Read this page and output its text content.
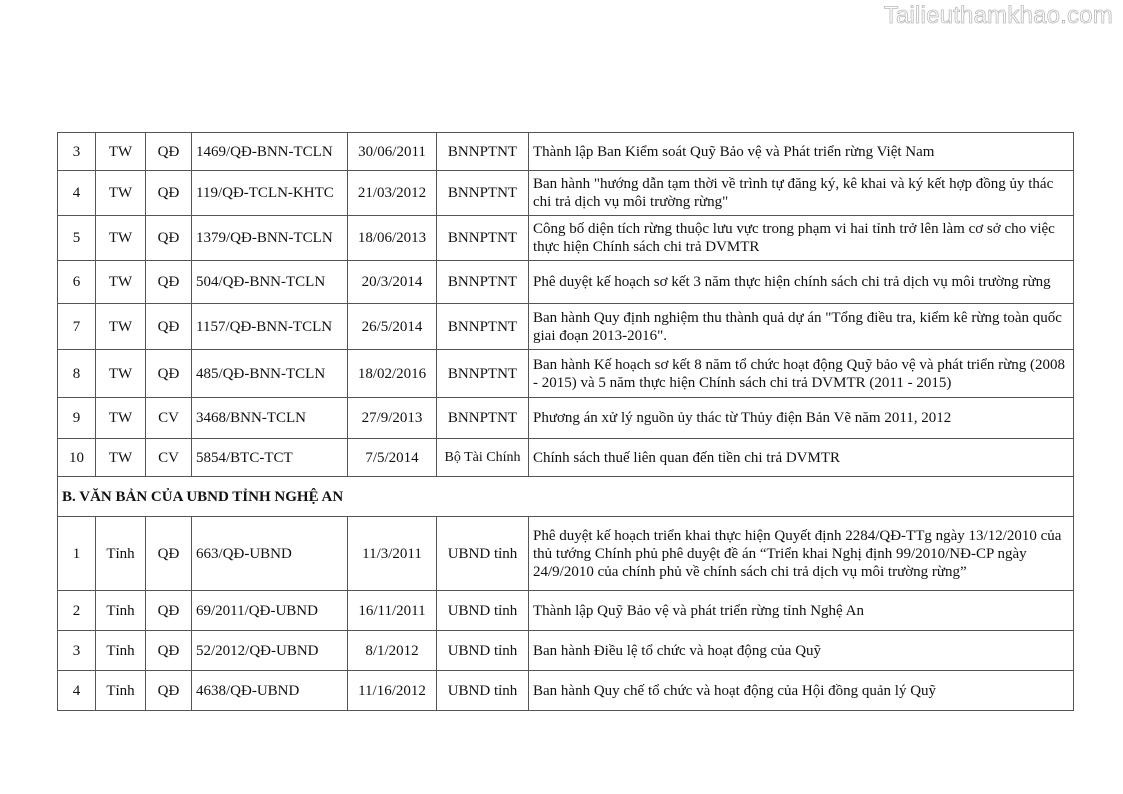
Tailieuthamkhao.com
3	TW	QĐ	1469/QĐ-BNN-TCLN	30/06/2011	BNNPTNT	Thành lập Ban Kiểm soát Quỹ Bảo vệ và Phát triển rừng Việt Nam
4	TW	QĐ	119/QĐ-TCLN-KHTC	21/03/2012	BNNPTNT	Ban hành "hướng dẫn tạm thời về trình tự đăng ký, kê khai và ký kết hợp đồng ủy thác chi trả dịch vụ môi trường rừng"
5	TW	QĐ	1379/QĐ-BNN-TCLN	18/06/2013	BNNPTNT	Công bố diện tích rừng thuộc lưu vực trong phạm vi hai tỉnh trở lên làm cơ sở cho việc thực hiện Chính sách chi trả DVMTR
6	TW	QĐ	504/QĐ-BNN-TCLN	20/3/2014	BNNPTNT	Phê duyệt kế hoạch sơ kết 3 năm thực hiện chính sách chi trả dịch vụ môi trường rừng
7	TW	QĐ	1157/QĐ-BNN-TCLN	26/5/2014	BNNPTNT	Ban hành Quy định nghiệm thu thành quả dự án "Tổng điều tra, kiểm kê rừng toàn quốc giai đoạn 2013-2016".
8	TW	QĐ	485/QĐ-BNN-TCLN	18/02/2016	BNNPTNT	Ban hành Kế hoạch sơ kết 8 năm tổ chức hoạt động Quỹ bảo vệ và phát triển rừng (2008 - 2015) và 5 năm thực hiện Chính sách chi trả DVMTR (2011 - 2015)
9	TW	CV	3468/BNN-TCLN	27/9/2013	BNNPTNT	Phương án xử lý nguồn ủy thác từ Thủy điện Bản Vẽ năm 2011, 2012
10	TW	CV	5854/BTC-TCT	7/5/2014	Bộ Tài Chính	Chính sách thuế liên quan đến tiền chi trả DVMTR
B. VĂN BẢN CỦA UBND TỈNH NGHỆ AN						
1	Tỉnh	QĐ	663/QĐ-UBND	11/3/2011	UBND tỉnh	Phê duyệt kế hoạch triển khai thực hiện Quyết định 2284/QĐ-TTg ngày 13/12/2010 của thủ tướng Chính phủ phê duyệt đề án “Triển khai Nghị định 99/2010/NĐ-CP ngày 24/9/2010 của chính phủ về chính sách chi trả dịch vụ môi trường rừng”
2	Tỉnh	QĐ	69/2011/QĐ-UBND	16/11/2011	UBND tỉnh	Thành lập Quỹ Bảo vệ và phát triển rừng tỉnh Nghệ An
3	Tỉnh	QĐ	52/2012/QĐ-UBND	8/1/2012	UBND tỉnh	Ban hành Điều lệ tổ chức và hoạt động của Quỹ
4	Tỉnh	QĐ	4638/QĐ-UBND	11/16/2012	UBND tỉnh	Ban hành Quy chế tổ chức và hoạt động của Hội đồng quản lý Quỹ
